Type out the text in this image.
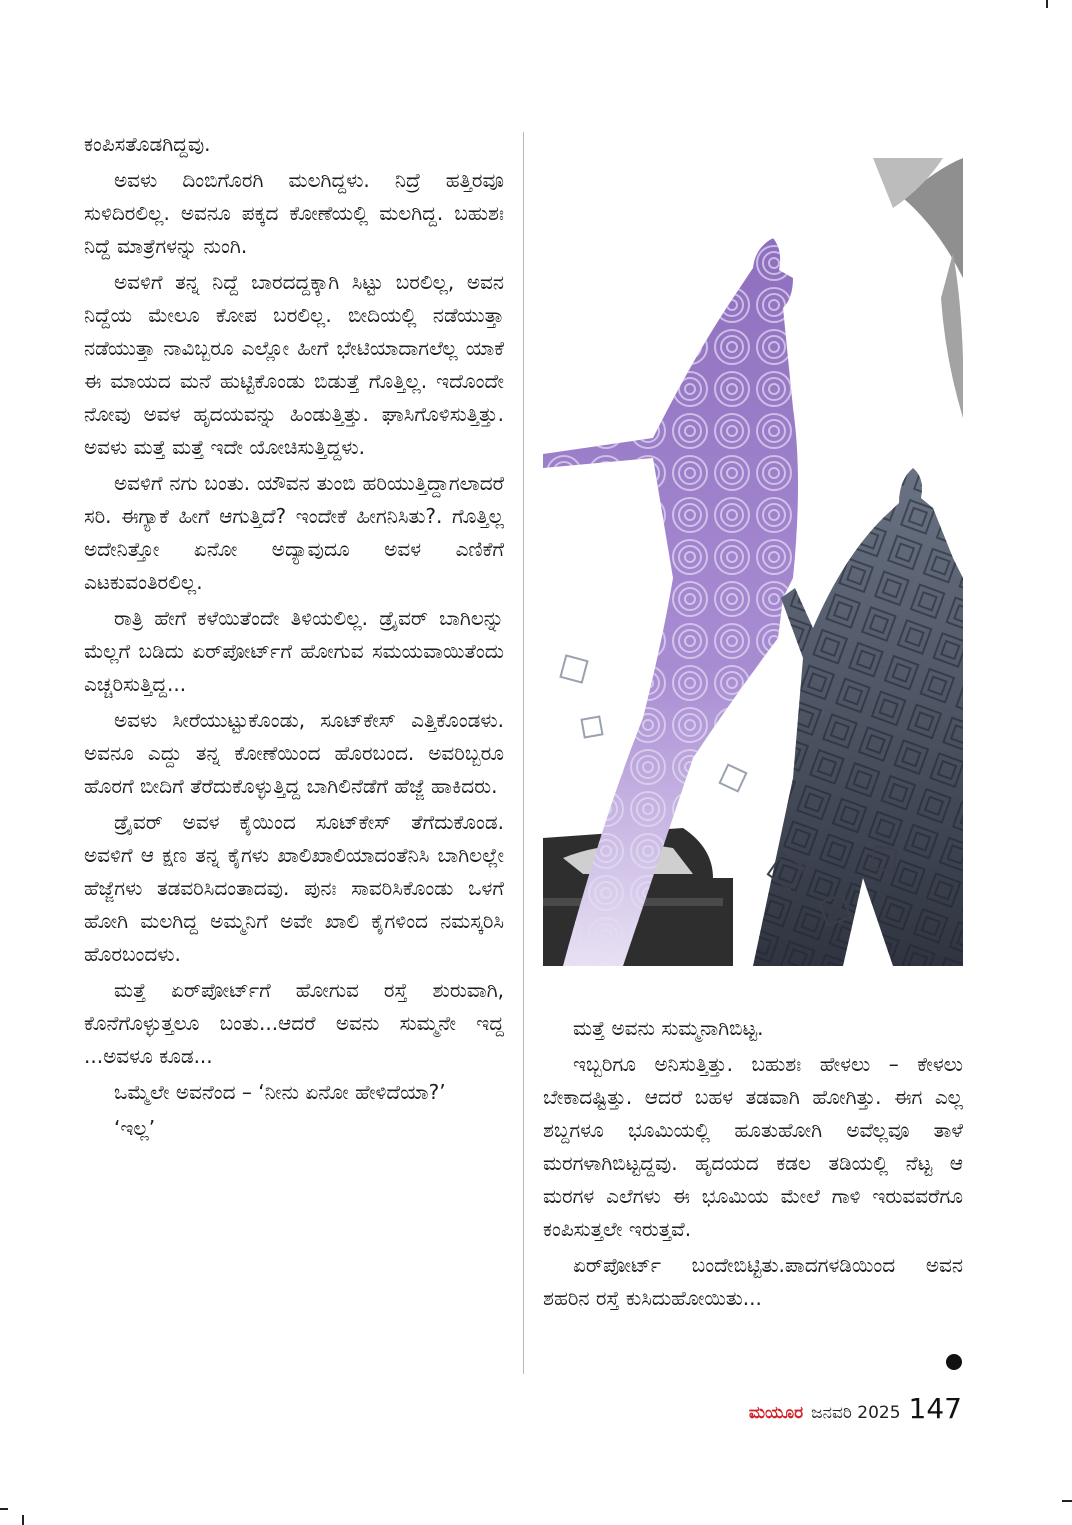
ಕಂಪಿಸತೊಡಗಿದ್ದವು.

ಅವಳು ದಿಂಬಿಗೊರಗಿ ಮಲಗಿದ್ದಳು. ನಿದ್ರೆ ಹತ್ತಿರವೂ ಸುಳಿದಿರಲಿಲ್ಲ. ಅವನೂ ಪಕ್ಕದ ಕೋಣೆಯಲ್ಲಿ ಮಲಗಿದ್ದ. ಬಹುಶಃ ನಿದ್ದೆ ಮಾತ್ರೆಗಳನ್ನು ನುಂಗಿ.

ಅವಳಿಗೆ ತನ್ನ ನಿದ್ದೆ ಬಾರದದ್ದಕ್ಕಾಗಿ ಸಿಟ್ಟು ಬರಲಿಲ್ಲ, ಅವನ ನಿದ್ದೆಯ ಮೇಲೂ ಕೋಪ ಬರಲಿಲ್ಲ. ಬೀದಿಯಲ್ಲಿ ನಡೆಯುತ್ತಾ ನಡೆಯುತ್ತಾ ನಾವಿಬ್ಬರೂ ಎಲ್ಲೋ ಹೀಗೆ ಭೇಟಿಯಾದಾಗಲೆಲ್ಲ ಯಾಕೆ ಈ ಮಾಯದ ಮನೆ ಹುಟ್ಟಿಕೊಂಡು ಬಿಡುತ್ತೆ ಗೊತ್ತಿಲ್ಲ. ಇದೊಂದೇ ನೋವು ಅವಳ ಹೃದಯವನ್ನು ಹಿಂಡುತ್ತಿತ್ತು. ಘಾಸಿಗೊಳಿಸುತ್ತಿತ್ತು. ಅವಳು ಮತ್ತೆ ಮತ್ತೆ ಇದೇ ಯೋಚಿಸುತ್ತಿದ್ದಳು.

ಅವಳಿಗೆ ನಗು ಬಂತು. ಯೌವನ ತುಂಬಿ ಹರಿಯುತ್ತಿದ್ದಾಗಲಾದರೆ ಸರಿ. ಈಗ್ಯಾಕೆ ಹೀಗೆ ಆಗುತ್ತಿದೆ? ಇಂದೇಕೆ ಹೀಗನಿಸಿತು?. ಗೊತ್ತಿಲ್ಲ ಅದೇನಿತ್ತೋ ಏನೋ ಅದ್ಯಾವುದೂ ಅವಳ ಎಣಿಕೆಗೆ ಎಟಕುವಂತಿರಲಿಲ್ಲ.

ರಾತ್ರಿ ಹೇಗೆ ಕಳೆಯಿತೆಂದೇ ತಿಳಿಯಲಿಲ್ಲ. ಡ್ರೈವರ್ ಬಾಗಿಲನ್ನು ಮೆಲ್ಲಗೆ ಬಡಿದು ಏರ್‌ಪೋರ್ಟ್‌ಗೆ ಹೋಗುವ ಸಮಯವಾಯಿತೆಂದು ಎಚ್ಚರಿಸುತ್ತಿದ್ದ...

ಅವಳು ಸೀರೆಯುಟ್ಟುಕೊಂಡು, ಸೂಟ್‌ಕೇಸ್ ಎತ್ತಿಕೊಂಡಳು. ಅವನೂ ಎದ್ದು ತನ್ನ ಕೋಣೆಯಿಂದ ಹೊರಬಂದ. ಅವರಿಬ್ಬರೂ ಹೊರಗೆ ಬೀದಿಗೆ ತೆರೆದುಕೊಳ್ಳುತ್ತಿದ್ದ ಬಾಗಿಲಿನೆಡೆಗೆ ಹೆಜ್ಜೆ ಹಾಕಿದರು.

ಡ್ರೈವರ್ ಅವಳ ಕೈಯಿಂದ ಸೂಟ್‌ಕೇಸ್ ತೆಗೆದುಕೊಂಡ. ಅವಳಿಗೆ ಆ ಕ್ಷಣ ತನ್ನ ಕೈಗಳು ಖಾಲಿಖಾಲಿಯಾದಂತೆನಿಸಿ ಬಾಗಿಲಲ್ಲೇ ಹೆಜ್ಜೆಗಳು ತಡವರಿಸಿದಂತಾದವು. ಪುನಃ ಸಾವರಿಸಿಕೊಂಡು ಒಳಗೆ ಹೋಗಿ ಮಲಗಿದ್ದ ಅಮ್ಮನಿಗೆ ಅವೇ ಖಾಲಿ ಕೈಗಳಿಂದ ನಮಸ್ಕರಿಸಿ ಹೊರಬಂದಳು.

ಮತ್ತೆ ಏರ್‌ಪೋರ್ಟ್‌ಗೆ ಹೋಗುವ ರಸ್ತೆ ಶುರುವಾಗಿ, ಕೊನೆಗೊಳ್ಳುತ್ತಲೂ ಬಂತು...ಆದರೆ ಅವನು ಸುಮ್ಮನೇ ಇದ್ದ ...ಅವಳೂ ಕೂಡ...

ಒಮ್ಮೆಲೇ ಅವನೆಂದ – ‘ನೀನು ಏನೋ ಹೇಳಿದೆಯಾ?’

‘ಇಲ್ಲ’

ಮತ್ತೆ ಅವನು ಸುಮ್ಮನಾಗಿಬಿಟ್ಟ.

ಇಬ್ಬರಿಗೂ ಅನಿಸುತ್ತಿತ್ತು. ಬಹುಶಃ ಹೇಳಲು – ಕೇಳಲು ಬೇಕಾದಷ್ಟಿತ್ತು. ಆದರೆ ಬಹಳ ತಡವಾಗಿ ಹೋಗಿತ್ತು. ಈಗ ಎಲ್ಲ ಶಬ್ದಗಳೂ ಭೂಮಿಯಲ್ಲಿ ಹೂತುಹೋಗಿ ಅವೆಲ್ಲವೂ ತಾಳೆ ಮರಗಳಾಗಿಬಿಟ್ಟದ್ದವು. ಹೃದಯದ ಕಡಲ ತಡಿಯಲ್ಲಿ ನೆಟ್ಟ ಆ ಮರಗಳ ಎಲೆಗಳು ಈ ಭೂಮಿಯ ಮೇಲೆ ಗಾಳಿ ಇರುವವರೆಗೂ ಕಂಪಿಸುತ್ತಲೇ ಇರುತ್ತವೆ.

ಏರ್‌ಪೋರ್ಟ್ ಬಂದೇಬಿಟ್ಟಿತು.ಪಾದಗಳಡಿಯಿಂದ ಅವನ ಶಹರಿನ ರಸ್ತೆ ಕುಸಿದುಹೋಯಿತು...

ಮಯೂರ ಜನವರಿ 2025 147
